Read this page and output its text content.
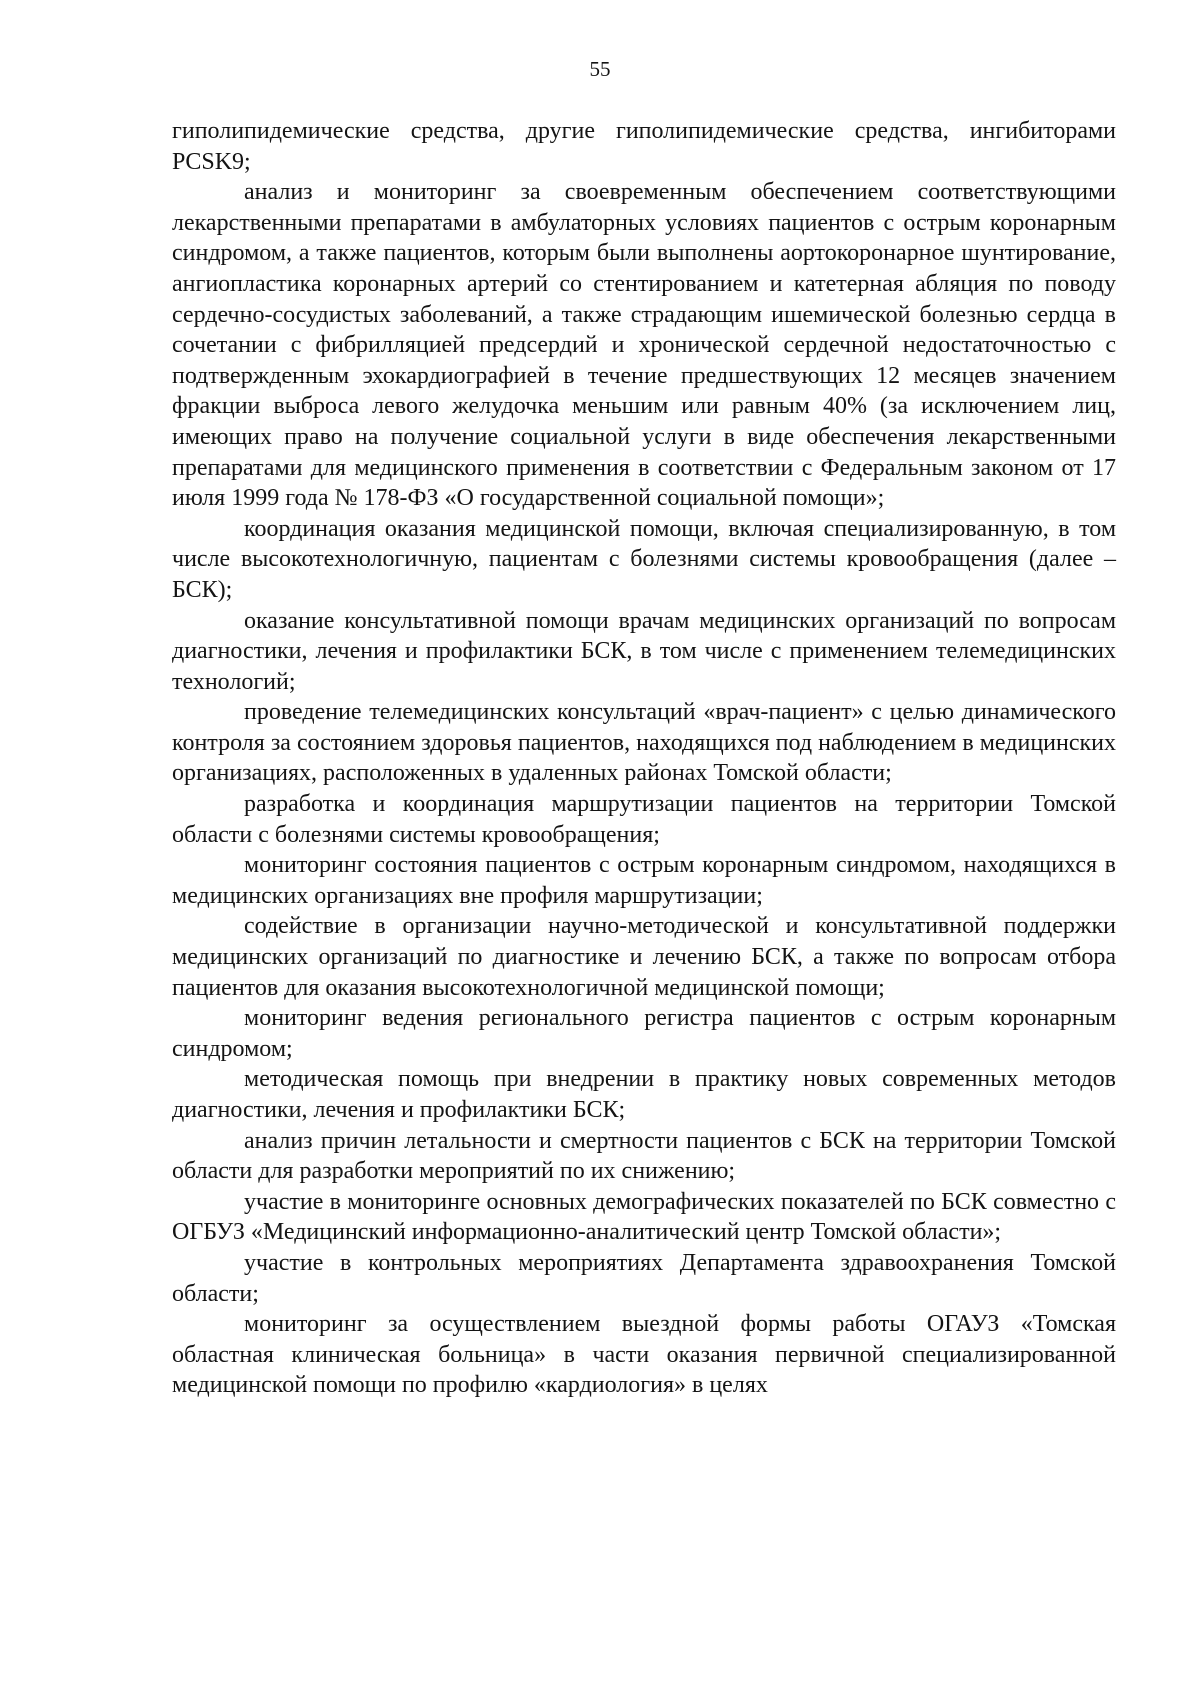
55

гиполипидемические средства, другие гиполипидемические средства, ингибиторами PCSK9;

анализ и мониторинг за своевременным обеспечением соответствующими лекарственными препаратами в амбулаторных условиях пациентов с острым коронарным синдромом, а также пациентов, которым были выполнены аортокоронарное шунтирование, ангиопластика коронарных артерий со стентированием и катетерная абляция по поводу сердечно-сосудистых заболеваний, а также страдающим ишемической болезнью сердца в сочетании с фибрилляцией предсердий и хронической сердечной недостаточностью с подтвержденным эхокардиографией в течение предшествующих 12 месяцев значением фракции выброса левого желудочка меньшим или равным 40% (за исключением лиц, имеющих право на получение социальной услуги в виде обеспечения лекарственными препаратами для медицинского применения в соответствии с Федеральным законом от 17 июля 1999 года № 178-ФЗ «О государственной социальной помощи»;

координация оказания медицинской помощи, включая специализированную, в том числе высокотехнологичную, пациентам с болезнями системы кровообращения (далее – БСК);

оказание консультативной помощи врачам медицинских организаций по вопросам диагностики, лечения и профилактики БСК, в том числе с применением телемедицинских технологий;

проведение телемедицинских консультаций «врач-пациент» с целью динамического контроля за состоянием здоровья пациентов, находящихся под наблюдением в медицинских организациях, расположенных в удаленных районах Томской области;

разработка и координация маршрутизации пациентов на территории Томской области с болезнями системы кровообращения;

мониторинг состояния пациентов с острым коронарным синдромом, находящихся в медицинских организациях вне профиля маршрутизации;

содействие в организации научно-методической и консультативной поддержки медицинских организаций по диагностике и лечению БСК, а также по вопросам отбора пациентов для оказания высокотехнологичной медицинской помощи;

мониторинг ведения регионального регистра пациентов с острым коронарным синдромом;

методическая помощь при внедрении в практику новых современных методов диагностики, лечения и профилактики БСК;

анализ причин летальности и смертности пациентов с БСК на территории Томской области для разработки мероприятий по их снижению;

участие в мониторинге основных демографических показателей по БСК совместно с ОГБУЗ «Медицинский информационно-аналитический центр Томской области»;

участие в контрольных мероприятиях Департамента здравоохранения Томской области;

мониторинг за осуществлением выездной формы работы ОГАУЗ «Томская областная клиническая больница» в части оказания первичной специализированной медицинской помощи по профилю «кардиология» в целях
